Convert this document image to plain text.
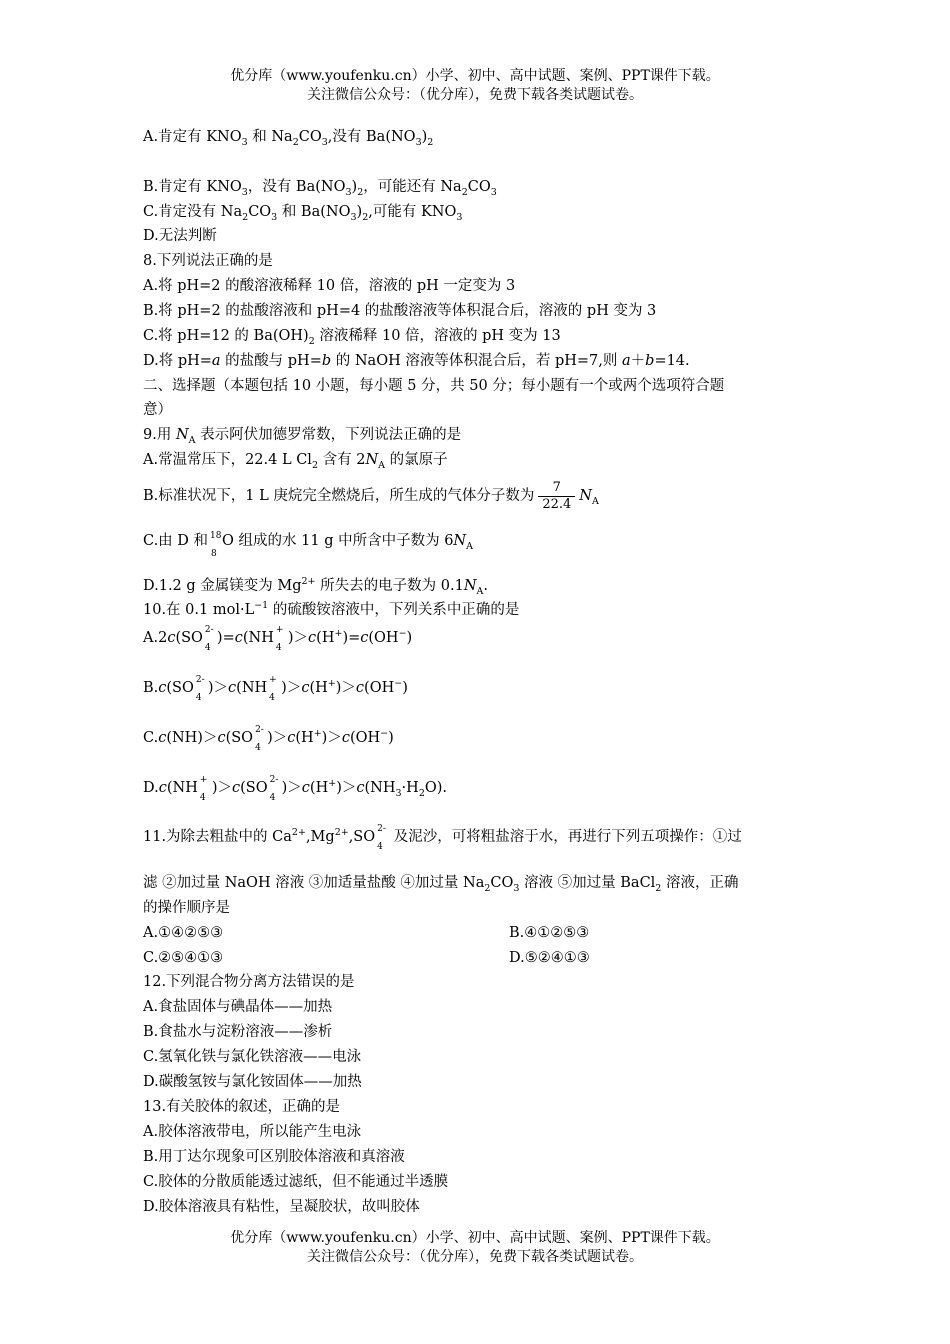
优分库（www.youfenku.cn）小学、初中、高中试题、案例、PPT课件下载。
关注微信公众号：（优分库），免费下载各类试题试卷。
A.肯定有 $KNO_3$ 和 $Na_2CO_3$,没有 $Ba(NO_3)_2$
B.肯定有 $KNO_3$，没有 $Ba(NO_3)_2$，可能还有 $Na_2CO_3$
C.肯定没有 $Na_2CO_3$ 和 $Ba(NO_3)_2$,可能有 $KNO_3$
D.无法判断
8.下列说法正确的是
A.将 pH=2 的酸溶液稀释 10 倍，溶液的 pH 一定变为 3
B.将 pH=2 的盐酸溶液和 pH=4 的盐酸溶液等体积混合后，溶液的 pH 变为 3
C.将 pH=12 的 $Ba(OH)_2$ 溶液稀释 10 倍，溶液的 pH 变为 13
D.将 pH=a 的盐酸与 pH=b 的 NaOH 溶液等体积混合后，若 pH=7,则 a＋b=14.
二、选择题（本题包括 10 小题，每小题 5 分，共 50 分；每小题有一个或两个选项符合题
意）
9.用 $N_A$ 表示阿伏加德罗常数，下列说法正确的是
A.常温常压下，22.4 L $Cl_2$ 含有 $2N_A$ 的氯原子
B.标准状况下，1 L 庚烷完全燃烧后，所生成的气体分子数为 $\frac{7}{22.4} N_A$
C.由 D 和 18
8
O 组成的水 11 g 中所含中子数为 $6N_A$
D.1.2 g 金属镁变为 $Mg^{2+}$ 所失去的电子数为 $0.1N_A$.
10.在 0.1 $mol\cdot L^{-1}$ 的硫酸铵溶液中，下列关系中正确的是
A.2c(SO 2-
4
)=c(NH +
4
)＞c(H+)=c(OH−)
B.c(SO 2-
4
)＞c(NH +
4
)＞c(H+)＞c(OH−)
C.c(NH)＞c(SO 2-
4
)＞c(H+)＞c(OH−)
D.c(NH +
4
)＞c(SO 2-
4
)$>c(H^+)>c(NH_3\cdot H_2O)$.
11.为除去粗盐中的 $Ca^{2+},Mg^{2+},SO$ 2-
4
及泥沙，可将粗盐溶于水，再进行下列五项操作：①过
滤 ②加过量 NaOH 溶液 ③加适量盐酸 ④加过量 $Na_2CO_3$ 溶液 ⑤加过量 BaCl$_2$ 溶液，正确
的操作顺序是
A.①④②⑤③	B.④①②⑤③
C.②⑤④①③	D.⑤②④①③
12.下列混合物分离方法错误的是
A.食盐固体与碘晶体——加热
B.食盐水与淀粉溶液——渗析
C.氢氧化铁与氯化铁溶液——电泳
D.碳酸氢铵与氯化铵固体——加热
13.有关胶体的叙述，正确的是
A.胶体溶液带电，所以能产生电泳
B.用丁达尔现象可区别胶体溶液和真溶液
C.胶体的分散质能透过滤纸，但不能通过半透膜
D.胶体溶液具有粘性，呈凝胶状，故叫胶体
优分库（www.youfenku.cn）小学、初中、高中试题、案例、PPT课件下载。
关注微信公众号：（优分库），免费下载各类试题试卷。
